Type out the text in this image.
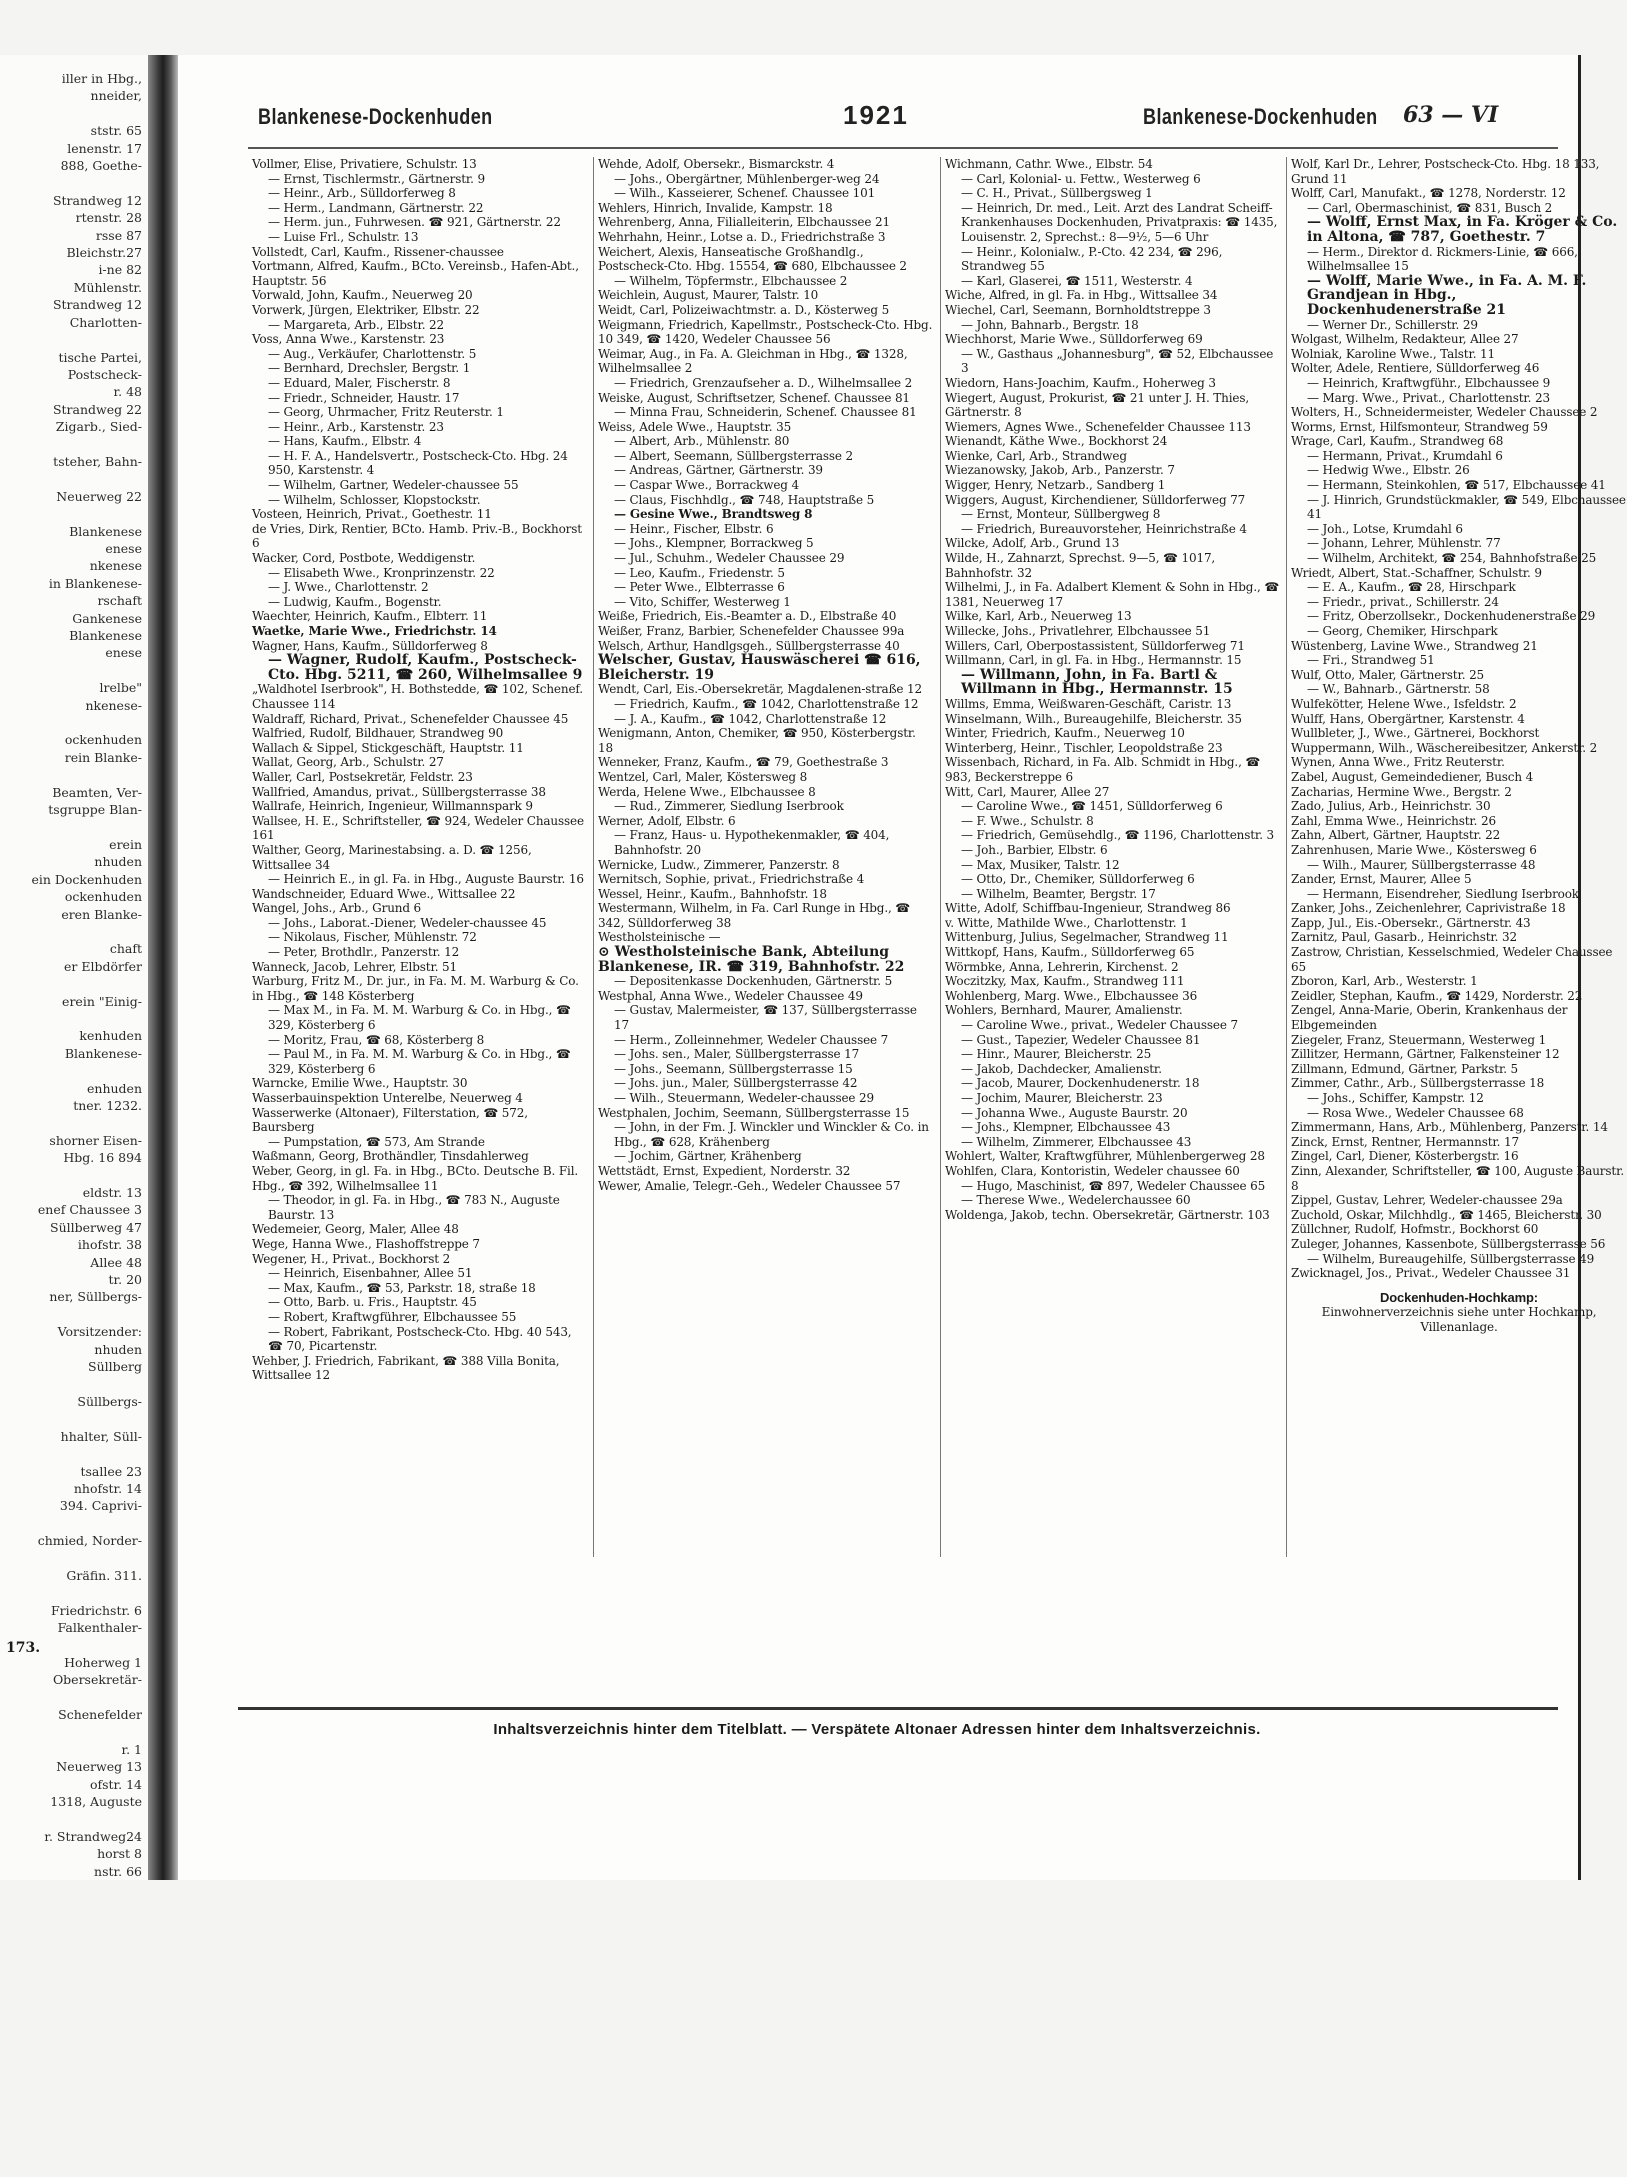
iller in Hbg.,
nneider,

ststr. 65
lenenstr. 17
888, Goethe-

Strandweg 12
rtenstr. 28
rsse 87
Bleichstr.27
i-ne 82
Mühlenstr.
Strandweg 12
Charlotten-

tische Partei,
Postscheck-
r. 48
Strandweg 22
Zigarb., Sied-

tsteher, Bahn-

Neuerweg 22

Blankenese
enese
nkenese
in Blankenese-
rschaft
Gankenese
Blankenese
enese

lrelbe"
nkenese-

ockenhuden
rein Blanke-

Beamten, Ver-
tsgruppe Blan-

erein
nhuden
ein Dockenhuden
ockenhuden
eren Blanke-

chaft
er Elbdörfer

erein "Einig-

kenhuden
Blankenese-

enhuden
tner. 1232.

shorner Eisen-
Hbg. 16 894

eldstr. 13
enef Chaussee 3
Süllberweg 47
ihofstr. 38
Allee 48
tr. 20
ner, Süllbergs-

Vorsitzender:
nhuden
Süllberg

Süllbergs-

hhalter, Süll-

tsallee 23
nhofstr. 14
394. Caprivi-

chmied, Norder-

Gräfin. 311.

Friedrichstr. 6
Falkenthaler-

Hoherweg 1
Obersekretär-

Schenefelder

r. 1
Neuerweg 13
ofstr. 14
1318, Auguste

r. Strandweg24
horst 8
nstr. 66
Blankenese-Dockenhuden	1921	Blankenese-Dockenhuden 63 — VI
Vollmer, Elise, Privatiere, Schulstr. 13
— Ernst, Tischlermstr., Gärtnerstr. 9
— Heinr., Arb., Sülldorferweg 8
— Herm., Landmann, Gärtnerstr. 22
— Herm. jun., Fuhrwesen. ☎ 921, Gärtnerstr. 22
— Luise Frl., Schulstr. 13
Vollstedt, Carl, Kaufm., Rissener-chaussee
Vortmann, Alfred, Kaufm., BCto. Vereinsb., Hafen-Abt., Hauptstr. 56
Vorwald, John, Kaufm., Neuerweg 20
Vorwerk, Jürgen, Elektriker, Elbstr. 22
— Margareta, Arb., Elbstr. 22
Voss, Anna Wwe., Karstenstr. 23
— Aug., Verkäufer, Charlottenstr. 5
— Bernhard, Drechsler, Bergstr. 1
— Eduard, Maler, Fischerstr. 8
— Friedr., Schneider, Haustr. 17
— Georg, Uhrmacher, Fritz Reuterstr. 1
— Heinr., Arb., Karstenstr. 23
— Hans, Kaufm., Elbstr. 4
— H. F. A., Handelsvertr., Postscheck-Cto. Hbg. 24 950, Karstenstr. 4
— Wilhelm, Gartner, Wedeler-chaussee 55
— Wilhelm, Schlosser, Klopstockstr.
Vosteen, Heinrich, Privat., Goethestr. 11
de Vries, Dirk, Rentier, BCto. Hamb. Priv.-B., Bockhorst 6
Wacker, Cord, Postbote, Weddigenstr.
— Elisabeth Wwe., Kronprinzenstr. 22
— J. Wwe., Charlottenstr. 2
— Ludwig, Kaufm., Bogenstr.
Waechter, Heinrich, Kaufm., Elbterr. 11
Waetke, Marie Wwe., Friedrichstr. 14
Wagner, Hans, Kaufm., Sülldorferweg 8
— Wagner, Rudolf, Kaufm., Postscheck-Cto. Hbg. 5211, ☎ 260, Wilhelmsallee 9
„Waldhotel Iserbrook", H. Bothstedde, ☎ 102, Schenef. Chaussee 114
Waldraff, Richard, Privat., Schenefelder Chaussee 45
Walfried, Rudolf, Bildhauer, Strandweg 90
Wallach & Sippel, Stickgeschäft, Hauptstr. 11
Wallat, Georg, Arb., Schulstr. 27
Waller, Carl, Postsekretär, Feldstr. 23
Wallfried, Amandus, privat., Süllbergsterrasse 38
Wallrafe, Heinrich, Ingenieur, Willmannspark 9
Wallsee, H. E., Schriftsteller, ☎ 924, Wedeler Chaussee 161
Walther, Georg, Marinestabsing. a. D. ☎ 1256, Wittsallee 34
— Heinrich E., in gl. Fa. in Hbg., Auguste Baurstr. 16
Wandschneider, Eduard Wwe., Wittsallee 22
Wangel, Johs., Arb., Grund 6
— Johs., Laborat.-Diener, Wedeler-chaussee 45
— Nikolaus, Fischer, Mühlenstr. 72
— Peter, Brothdlr., Panzerstr. 12
Wanneck, Jacob, Lehrer, Elbstr. 51
Warburg, Fritz M., Dr. jur., in Fa. M. M. Warburg & Co. in Hbg., ☎ 148 Kösterberg
— Max M., in Fa. M. M. Warburg & Co. in Hbg., ☎ 329, Kösterberg 6
— Moritz, Frau, ☎ 68, Kösterberg 8
— Paul M., in Fa. M. M. Warburg & Co. in Hbg., ☎ 329, Kösterberg 6
Warncke, Emilie Wwe., Hauptstr. 30
Wasserbauinspektion Unterelbe, Neuerweg 4
Wasserwerke (Altonaer), Filterstation, ☎ 572, Baursberg
— Pumpstation, ☎ 573, Am Strande
Waßmann, Georg, Brothändler, Tinsdahlerweg
Weber, Georg, in gl. Fa. in Hbg., BCto. Deutsche B. Fil. Hbg., ☎ 392, Wilhelmsallee 11
— Theodor, in gl. Fa. in Hbg., ☎ 783 N., Auguste Baurstr. 13
Wedemeier, Georg, Maler, Allee 48
Wege, Hanna Wwe., Flashoffstreppe 7
Wegener, H., Privat., Bockhorst 2
— Heinrich, Eisenbahner, Allee 51
— Max, Kaufm., ☎ 53, Parkstr. 18, straße 18
— Otto, Barb. u. Fris., Hauptstr. 45
— Robert, Kraftwgführer, Elbchaussee 55
— Robert, Fabrikant, Postscheck-Cto. Hbg. 40 543, ☎ 70, Picartenstr.
Wehber, J. Friedrich, Fabrikant, ☎ 388 Villa Bonita, Wittsallee 12
Wehde, Adolf, Obersekr., Bismarckstr. 4
— Johs., Obergärtner, Mühlenberger-weg 24
— Wilh., Kasseierer, Schenef. Chaussee 101
Wehlers, Hinrich, Invalide, Kampstr. 18
Wehrenberg, Anna, Filialleiterin, Elbchaussee 21
Wehrhahn, Heinr., Lotse a. D., Friedrichstraße 3
Weichert, Alexis, Hanseatische Großhandlg., Postscheck-Cto. Hbg. 15554, ☎ 680, Elbchaussee 2
— Wilhelm, Töpfermstr., Elbchaussee 2
Weichlein, August, Maurer, Talstr. 10
Weidt, Carl, Polizeiwachtmstr. a. D., Kösterweg 5
Weigmann, Friedrich, Kapellmstr., Postscheck-Cto. Hbg. 10 349, ☎ 1420, Wedeler Chaussee 56
Weimar, Aug., in Fa. A. Gleichman in Hbg., ☎ 1328, Wilhelmsallee 2
— Friedrich, Grenzaufseher a. D., Wilhelmsallee 2
Weiske, August, Schriftsetzer, Schenef. Chaussee 81
— Minna Frau, Schneiderin, Schenef. Chaussee 81
Weiss, Adele Wwe., Hauptstr. 35
— Albert, Arb., Mühlenstr. 80
— Albert, Seemann, Süllbergsterrasse 2
— Andreas, Gärtner, Gärtnerstr. 39
— Caspar Wwe., Borrackweg 4
— Claus, Fischhdlg., ☎ 748, Hauptstraße 5
— Gesine Wwe., Brandtsweg 8
— Heinr., Fischer, Elbstr. 6
— Johs., Klempner, Borrackweg 5
— Jul., Schuhm., Wedeler Chaussee 29
— Leo, Kaufm., Friedenstr. 5
— Peter Wwe., Elbterrasse 6
— Vito, Schiffer, Westerweg 1
Weiße, Friedrich, Eis.-Beamter a. D., Elbstraße 40
Weißer, Franz, Barbier, Schenefelder Chaussee 99a
Welsch, Arthur, Handlgsgeh., Süllbergsterrasse 40
Welscher, Gustav, Hauswäscherei ☎ 616, Bleicherstr. 19
Wendt, Carl, Eis.-Obersekretär, Magdalenen-straße 12
— Friedrich, Kaufm., ☎ 1042, Charlottenstraße 12
— J. A., Kaufm., ☎ 1042, Charlottenstraße 12
Wenigmann, Anton, Chemiker, ☎ 950, Kösterbergstr. 18
Wenneker, Franz, Kaufm., ☎ 79, Goethestraße 3
Wentzel, Carl, Maler, Köstersweg 8
Werda, Helene Wwe., Elbchaussee 8
— Rud., Zimmerer, Siedlung Iserbrook
Werner, Adolf, Elbstr. 6
— Franz, Haus- u. Hypothekenmakler, ☎ 404, Bahnhofstr. 20
Wernicke, Ludw., Zimmerer, Panzerstr. 8
Wernitsch, Sophie, privat., Friedrichstraße 4
Wessel, Heinr., Kaufm., Bahnhofstr. 18
Westermann, Wilhelm, in Fa. Carl Runge in Hbg., ☎ 342, Sülldorferweg 38
Westholsteinische —
⊙ Westholsteinische Bank, Abteilung Blankenese, IR. ☎ 319, Bahnhofstr. 22
— Depositenkasse Dockenhuden, Gärtnerstr. 5
Westphal, Anna Wwe., Wedeler Chaussee 49
— Gustav, Malermeister, ☎ 137, Süllbergsterrasse 17
— Herm., Zolleinnehmer, Wedeler Chaussee 7
— Johs. sen., Maler, Süllbergsterrasse 17
— Johs., Seemann, Süllbergsterrasse 15
— Johs. jun., Maler, Süllbergsterrasse 42
— Wilh., Steuermann, Wedeler-chaussee 29
Westphalen, Jochim, Seemann, Süllbergsterrasse 15
— John, in der Fm. J. Winckler und Winckler & Co. in Hbg., ☎ 628, Krähenberg
— Jochim, Gärtner, Krähenberg
Wettstädt, Ernst, Expedient, Norderstr. 32
Wewer, Amalie, Telegr.-Geh., Wedeler Chaussee 57
Wichmann, Cathr. Wwe., Elbstr. 54
— Carl, Kolonial- u. Fettw., Westerweg 6
— C. H., Privat., Süllbergsweg 1
— Heinrich, Dr. med., Leit. Arzt des Landrat Scheiff-Krankenhauses Dockenhuden, Privatpraxis: ☎ 1435, Louisenstr. 2, Sprechst.: 8—9½, 5—6 Uhr
— Heinr., Kolonialw., P.-Cto. 42 234, ☎ 296, Strandweg 55
— Karl, Glaserei, ☎ 1511, Westerstr. 4
Wiche, Alfred, in gl. Fa. in Hbg., Wittsallee 34
Wiechel, Carl, Seemann, Bornholdtstreppe 3
— John, Bahnarb., Bergstr. 18
Wiechhorst, Marie Wwe., Sülldorferweg 69
— W., Gasthaus „Johannesburg", ☎ 52, Elbchaussee 3
Wiedorn, Hans-Joachim, Kaufm., Hoherweg 3
Wiegert, August, Prokurist, ☎ 21 unter J. H. Thies, Gärtnerstr. 8
Wiemers, Agnes Wwe., Schenefelder Chaussee 113
Wienandt, Käthe Wwe., Bockhorst 24
Wienke, Carl, Arb., Strandweg
Wiezanowsky, Jakob, Arb., Panzerstr. 7
Wigger, Henry, Netzarb., Sandberg 1
Wiggers, August, Kirchendiener, Sülldorferweg 77
— Ernst, Monteur, Süllbergweg 8
— Friedrich, Bureauvorsteher, Heinrichstraße 4
Wilcke, Adolf, Arb., Grund 13
Wilde, H., Zahnarzt, Sprechst. 9—5, ☎ 1017, Bahnhofstr. 32
Wilhelmi, J., in Fa. Adalbert Klement & Sohn in Hbg., ☎ 1381, Neuerweg 17
Wilke, Karl, Arb., Neuerweg 13
Willecke, Johs., Privatlehrer, Elbchaussee 51
Willers, Carl, Oberpostassistent, Sülldorferweg 71
Willmann, Carl, in gl. Fa. in Hbg., Hermannstr. 15
— Willmann, John, in Fa. Bartl & Willmann in Hbg., Hermannstr. 15
Willms, Emma, Weißwaren-Geschäft, Caristr. 13
Winselmann, Wilh., Bureaugehilfe, Bleicherstr. 35
Winter, Friedrich, Kaufm., Neuerweg 10
Winterberg, Heinr., Tischler, Leopoldstraße 23
Wissenbach, Richard, in Fa. Alb. Schmidt in Hbg., ☎ 983, Beckerstreppe 6
Witt, Carl, Maurer, Allee 27
— Caroline Wwe., ☎ 1451, Sülldorferweg 6
— F. Wwe., Schulstr. 8
— Friedrich, Gemüsehdlg., ☎ 1196, Charlottenstr. 3
— Joh., Barbier, Elbstr. 6
— Max, Musiker, Talstr. 12
— Otto, Dr., Chemiker, Sülldorferweg 6
— Wilhelm, Beamter, Bergstr. 17
Witte, Adolf, Schiffbau-Ingenieur, Strandweg 86
v. Witte, Mathilde Wwe., Charlottenstr. 1
Wittenburg, Julius, Segelmacher, Strandweg 11
Wittkopf, Hans, Kaufm., Sülldorferweg 65
Wörmbke, Anna, Lehrerin, Kirchenst. 2
Woczitzky, Max, Kaufm., Strandweg 111
Wohlenberg, Marg. Wwe., Elbchaussee 36
Wohlers, Bernhard, Maurer, Amalienstr.
— Caroline Wwe., privat., Wedeler Chaussee 7
— Gust., Tapezier, Wedeler Chaussee 81
— Hinr., Maurer, Bleicherstr. 25
— Jakob, Dachdecker, Amalienstr.
— Jacob, Maurer, Dockenhudenerstr. 18
— Jochim, Maurer, Bleicherstr. 23
— Johanna Wwe., Auguste Baurstr. 20
— Johs., Klempner, Elbchaussee 43
— Wilhelm, Zimmerer, Elbchaussee 43
Wohlert, Walter, Kraftwgführer, Mühlenbergerweg 28
Wohlfen, Clara, Kontoristin, Wedeler chaussee 60
— Hugo, Maschinist, ☎ 897, Wedeler Chaussee 65
— Therese Wwe., Wedelerchaussee 60
Woldenga, Jakob, techn. Obersekretär, Gärtnerstr. 103
Wolf, Karl Dr., Lehrer, Postscheck-Cto. Hbg. 18 133, Grund 11
Wolff, Carl, Manufakt., ☎ 1278, Norderstr. 12
— Carl, Obermaschinist, ☎ 831, Busch 2
— Wolff, Ernst Max, in Fa. Kröger & Co. in Altona, ☎ 787, Goethestr. 7
— Herm., Direktor d. Rickmers-Linie, ☎ 666, Wilhelmsallee 15
— Wolff, Marie Wwe., in Fa. A. M. F. Grandjean in Hbg., Dockenhudenerstraße 21
— Werner Dr., Schillerstr. 29
Wolgast, Wilhelm, Redakteur, Allee 27
Wolniak, Karoline Wwe., Talstr. 11
Wolter, Adele, Rentiere, Sülldorferweg 46
— Heinrich, Kraftwgführ., Elbchaussee 9
— Marg. Wwe., Privat., Charlottenstr. 23
Wolters, H., Schneidermeister, Wedeler Chaussee 2
Worms, Ernst, Hilfsmonteur, Strandweg 59
Wrage, Carl, Kaufm., Strandweg 68
— Hermann, Privat., Krumdahl 6
— Hedwig Wwe., Elbstr. 26
— Hermann, Steinkohlen, ☎ 517, Elbchaussee 41
— J. Hinrich, Grundstückmakler, ☎ 549, Elbchaussee 41
— Joh., Lotse, Krumdahl 6
— Johann, Lehrer, Mühlenstr. 77
— Wilhelm, Architekt, ☎ 254, Bahnhofstraße 25
Wriedt, Albert, Stat.-Schaffner, Schulstr. 9
— E. A., Kaufm., ☎ 28, Hirschpark
— Friedr., privat., Schillerstr. 24
— Fritz, Oberzollsekr., Dockenhudenerstraße 29
— Georg, Chemiker, Hirschpark
Wüstenberg, Lavine Wwe., Strandweg 21
— Fri., Strandweg 51
Wulf, Otto, Maler, Gärtnerstr. 25
— W., Bahnarb., Gärtnerstr. 58
Wulfekötter, Helene Wwe., Isfeldstr. 2
Wulff, Hans, Obergärtner, Karstenstr. 4
Wullbleter, J., Wwe., Gärtnerei, Bockhorst
Wuppermann, Wilh., Wäschereibesitzer, Ankerstr. 2
Wynen, Anna Wwe., Fritz Reuterstr.
Zabel, August, Gemeindediener, Busch 4
Zacharias, Hermine Wwe., Bergstr. 2
Zado, Julius, Arb., Heinrichstr. 30
Zahl, Emma Wwe., Heinrichstr. 26
Zahn, Albert, Gärtner, Hauptstr. 22
Zahrenhusen, Marie Wwe., Köstersweg 6
— Wilh., Maurer, Süllbergsterrasse 48
Zander, Ernst, Maurer, Allee 5
— Hermann, Eisendreher, Siedlung Iserbrook
Zanker, Johs., Zeichenlehrer, Caprivistraße 18
Zapp, Jul., Eis.-Obersekr., Gärtnerstr. 43
Zarnitz, Paul, Gasarb., Heinrichstr. 32
Zastrow, Christian, Kesselschmied, Wedeler Chaussee 65
Zboron, Karl, Arb., Westerstr. 1
Zeidler, Stephan, Kaufm., ☎ 1429, Norderstr. 22
Zengel, Anna-Marie, Oberin, Krankenhaus der Elbgemeinden
Ziegeler, Franz, Steuermann, Westerweg 1
Zillitzer, Hermann, Gärtner, Falkensteiner 12
Zillmann, Edmund, Gärtner, Parkstr. 5
Zimmer, Cathr., Arb., Süllbergsterrasse 18
— Johs., Schiffer, Kampstr. 12
— Rosa Wwe., Wedeler Chaussee 68
Zimmermann, Hans, Arb., Mühlenberg, Panzerstr. 14
Zinck, Ernst, Rentner, Hermannstr. 17
Zingel, Carl, Diener, Kösterbergstr. 16
Zinn, Alexander, Schriftsteller, ☎ 100, Auguste Baurstr. 8
Zippel, Gustav, Lehrer, Wedeler-chaussee 29a
Zuchold, Oskar, Milchhdlg., ☎ 1465, Bleicherstr. 30
Züllchner, Rudolf, Hofmstr., Bockhorst 60
Zuleger, Johannes, Kassenbote, Süllbergsterrasse 56
— Wilhelm, Bureaugehilfe, Süllbergsterrasse 49
Zwicknagel, Jos., Privat., Wedeler Chaussee 31
Dockenhuden-Hochkamp:
Einwohnerverzeichnis siehe unter Hochkamp, Villenanlage.
Inhaltsverzeichnis hinter dem Titelblatt. — Verspätete Altonaer Adressen hinter dem Inhaltsverzeichnis.
173.
